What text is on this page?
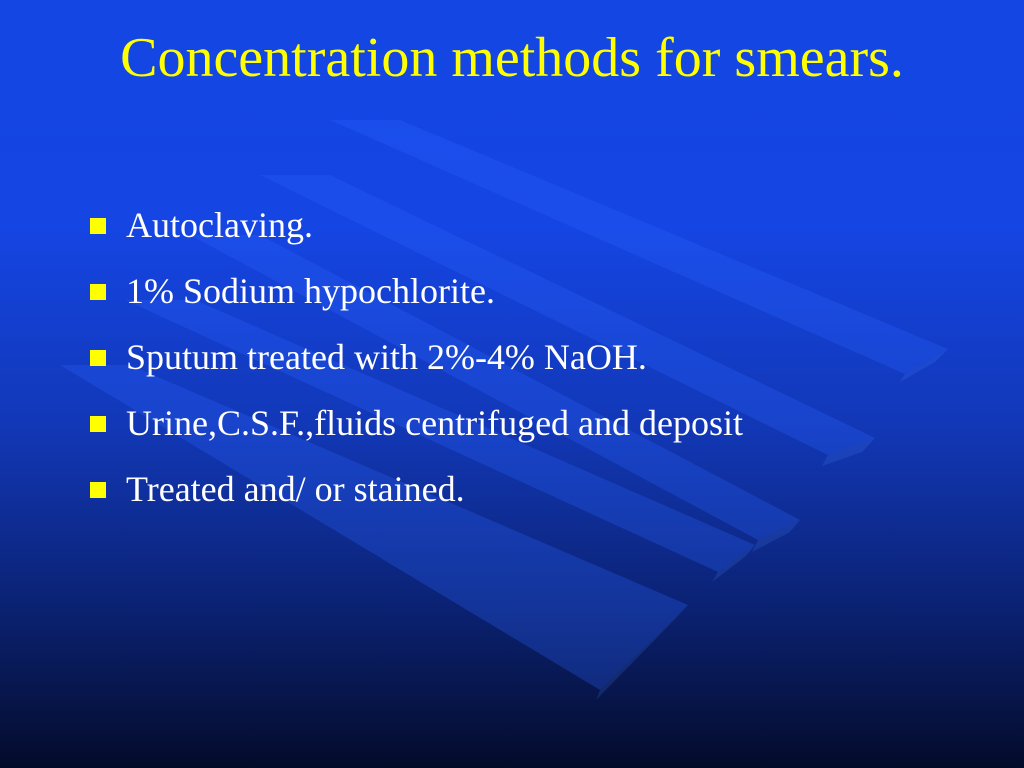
Concentration methods for smears.
Autoclaving.
1% Sodium hypochlorite.
Sputum treated with 2%-4% NaOH.
Urine,C.S.F.,fluids centrifuged and deposit
Treated and/ or stained.
